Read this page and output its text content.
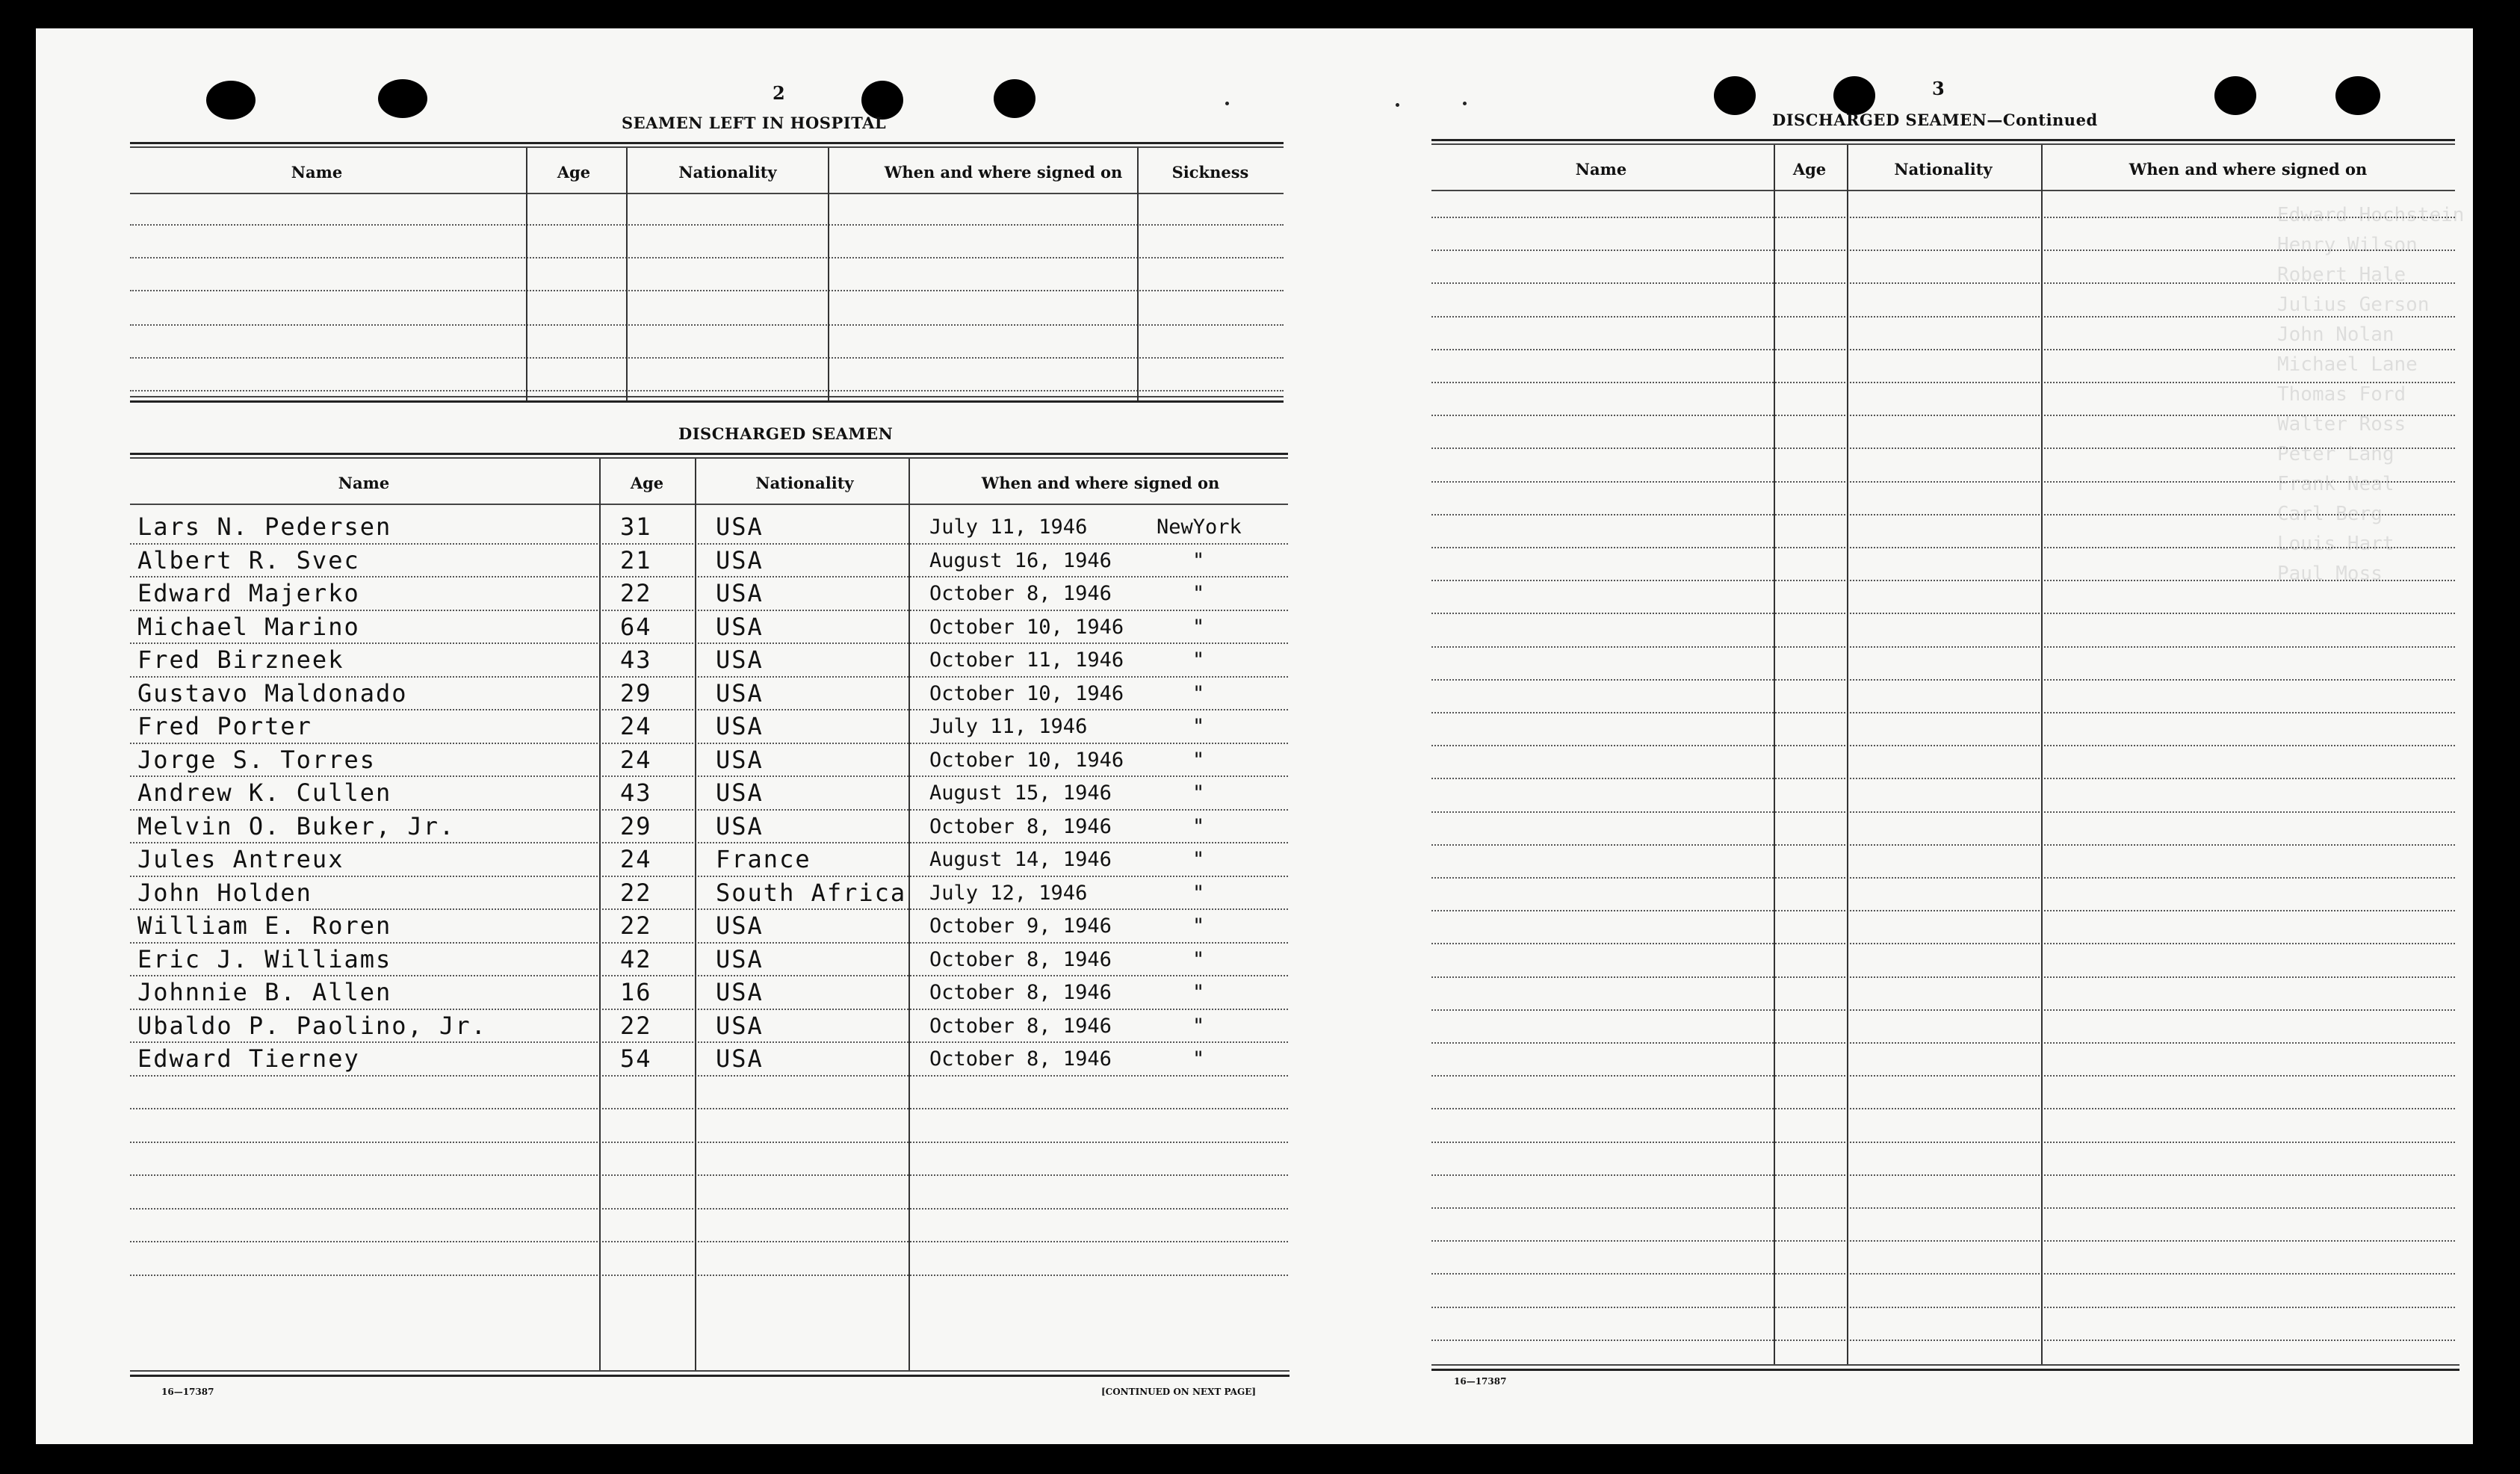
2
SEAMEN LEFT IN HOSPITAL
Name	Age	Nationality	When and where signed on	Sickness
DISCHARGED SEAMEN
Name	Age	Nationality	When and where signed on
Lars N. Pedersen	31	USA	July 11, 1946	NewYork
Albert R. Svec	21	USA	August 16, 1946	"
Edward Majerko	22	USA	October 8, 1946	"
Michael Marino	64	USA	October 10, 1946	"
Fred Birzneek	43	USA	October 11, 1946	"
Gustavo Maldonado	29	USA	October 10, 1946	"
Fred Porter	24	USA	July 11, 1946	"
Jorge S. Torres	24	USA	October 10, 1946	"
Andrew K. Cullen	43	USA	August 15, 1946	"
Melvin O. Buker, Jr.	29	USA	October 8, 1946	"
Jules Antreux	24	France	August 14, 1946	"
John Holden	22	South Africa July 12, 1946	"
William E. Roren	22	USA	October 9, 1946	"
Eric J. Williams	42	USA	October 8, 1946	"
Johnnie B. Allen	16	USA	October 8, 1946	"
Ubaldo P. Paolino, Jr.	22	USA	October 8, 1946	"
Edward Tierney	54	USA	October 8, 1946	"
16—17387	[CONTINUED ON NEXT PAGE]
Edward Hochstein
Henry Wilson
Robert Hale
Julius Gerson
John Nolan
Michael Lane
Thomas Ford
Walter Ross
Peter Lang
Frank Neal
Carl Berg
Louis Hart
Paul Moss
3
DISCHARGED SEAMEN—Continued
Name	Age	Nationality	When and where signed on
16—17387
